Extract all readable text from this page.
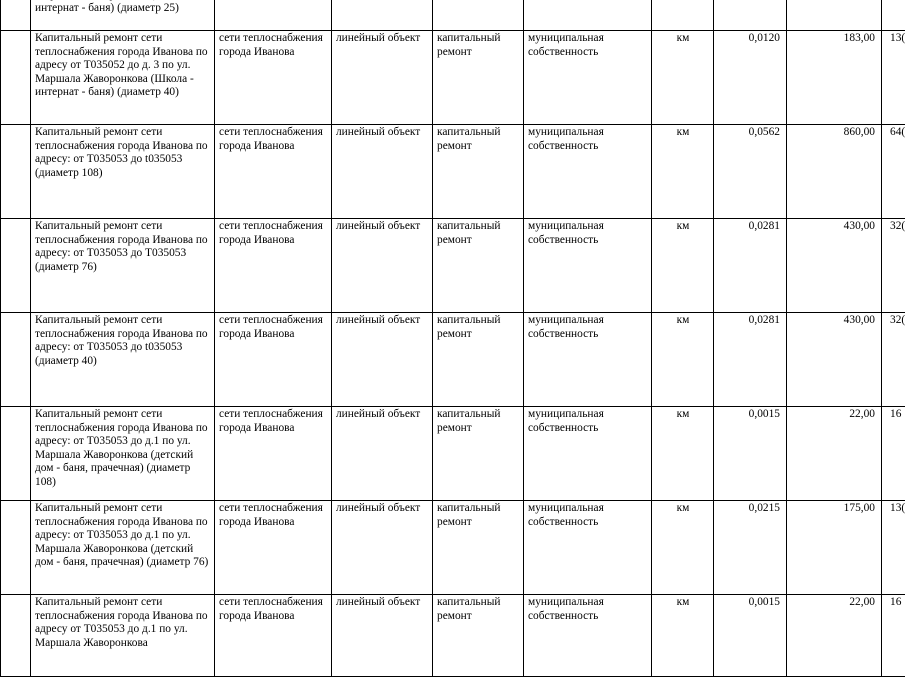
	интернат - баня) (диаметр 25)								
	Капитальный ремонт сети теплоснабжения города Иванова по адресу от Т035052 до д. 3 по ул. Маршала Жаворонкова (Школа - интернат - баня) (диаметр 40)	сети теплоснабжения города Иванова	линейный объект	капитальный ремонт	муниципальная собственность	км	0,0120	183,00	13(
	Капитальный ремонт сети теплоснабжения города Иванова по адресу: от Т035053 до t035053 (диаметр 108)	сети теплоснабжения города Иванова	линейный объект	капитальный ремонт	муниципальная собственность	км	0,0562	860,00	64(
	Капитальный ремонт сети теплоснабжения города Иванова по адресу: от Т035053 до Т035053 (диаметр 76)	сети теплоснабжения города Иванова	линейный объект	капитальный ремонт	муниципальная собственность	км	0,0281	430,00	32(
	Капитальный ремонт сети теплоснабжения города Иванова по адресу: от Т035053 до t035053 (диаметр 40)	сети теплоснабжения города Иванова	линейный объект	капитальный ремонт	муниципальная собственность	км	0,0281	430,00	32(
	Капитальный ремонт сети теплоснабжения города Иванова по адресу: от Т035053 до д.1 по ул. Маршала Жаворонкова (детский дом - баня, прачечная) (диаметр 108)	сети теплоснабжения города Иванова	линейный объект	капитальный ремонт	муниципальная собственность	км	0,0015	22,00	16
	Капитальный ремонт сети теплоснабжения города Иванова по адресу: от Т035053 до д.1 по ул. Маршала Жаворонкова (детский дом - баня, прачечная) (диаметр 76)	сети теплоснабжения города Иванова	линейный объект	капитальный ремонт	муниципальная собственность	км	0,0215	175,00	13(
	Капитальный ремонт сети теплоснабжения города Иванова по адресу от Т035053 до д.1 по ул. Маршала Жаворонкова	сети теплоснабжения города Иванова	линейный объект	капитальный ремонт	муниципальная собственность	км	0,0015	22,00	16
